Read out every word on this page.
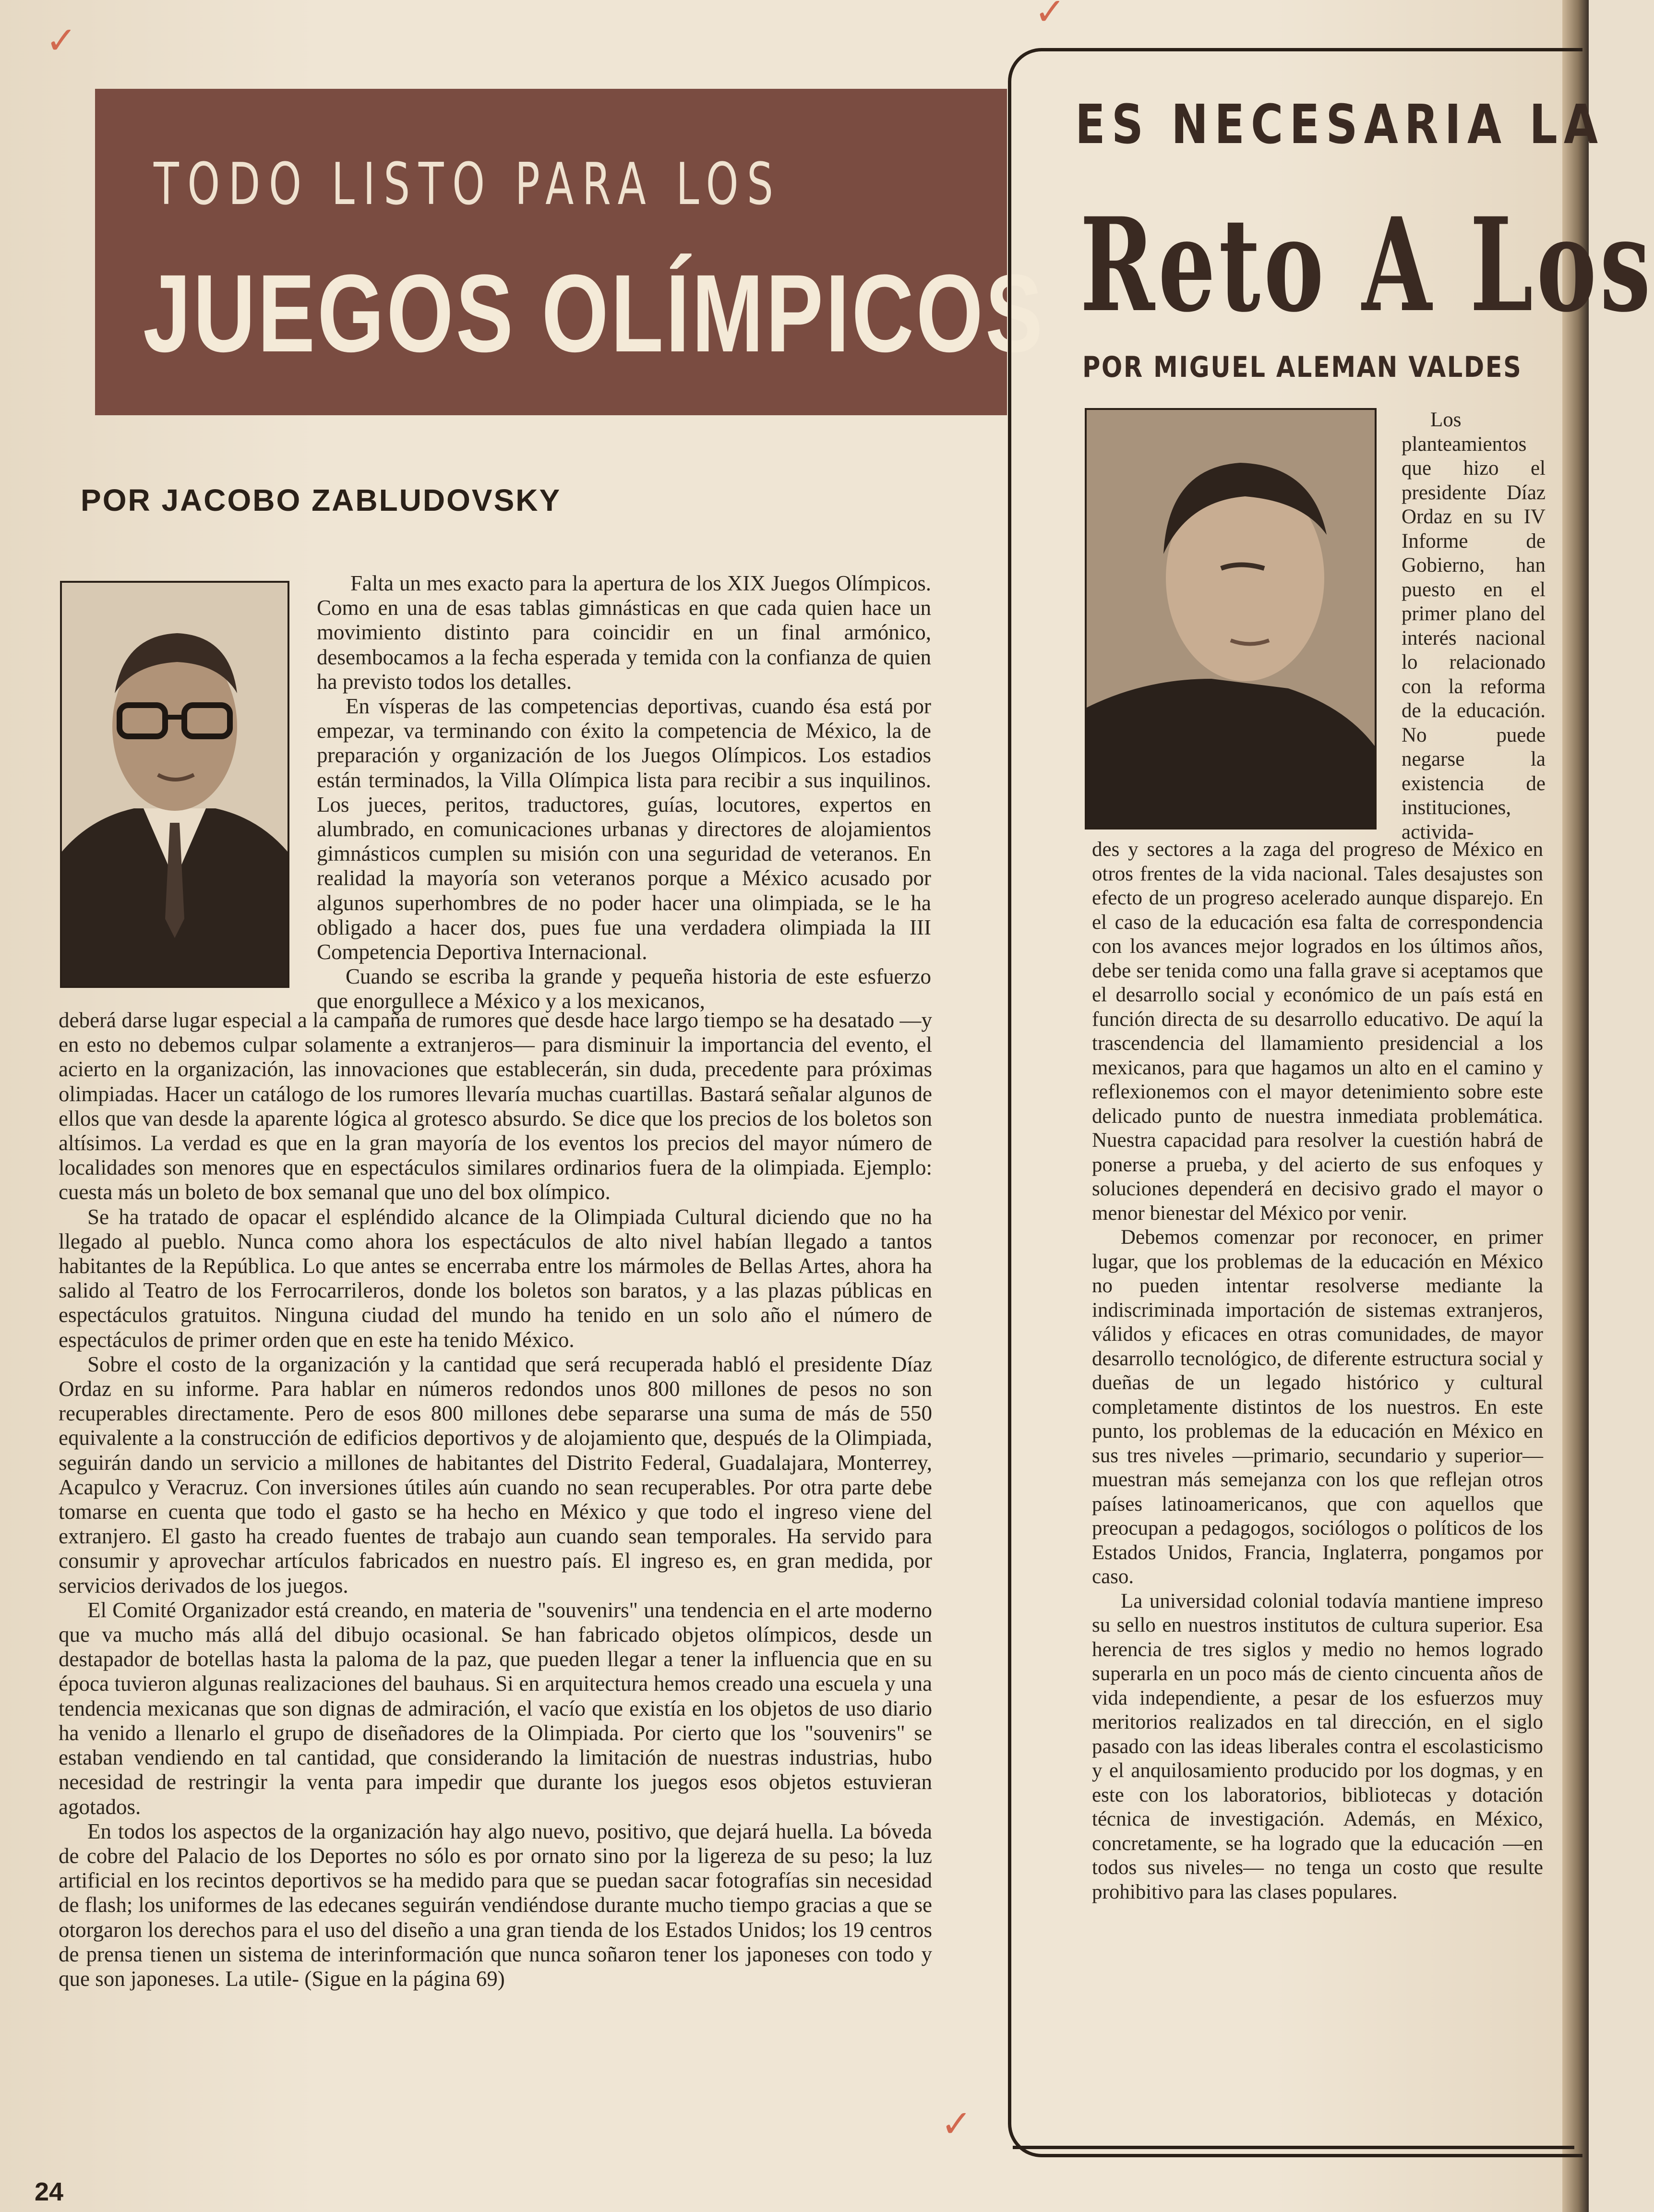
✓
✓
✓
TODO LISTO PARA LOS
JUEGOS OLÍMPICOS
POR JACOBO ZABLUDOVSKY

Falta un mes exacto para la apertura de los XIX Juegos Olímpicos. Como en una de esas tablas gimnásticas en que cada quien hace un movimiento distinto para coincidir en un final armónico, desembocamos a la fecha esperada y temida con la confianza de quien ha previsto todos los detalles.

En vísperas de las competencias deportivas, cuando ésa está por empezar, va terminando con éxito la competencia de México, la de preparación y organización de los Juegos Olímpicos. Los estadios están terminados, la Villa Olímpica lista para recibir a sus inquilinos. Los jueces, peritos, traductores, guías, locutores, expertos en alumbrado, en comunicaciones urbanas y directores de alojamientos gimnásticos cumplen su misión con una seguridad de veteranos. En realidad la mayoría son veteranos porque a México acusado por algunos superhombres de no poder hacer una olimpiada, se le ha obligado a hacer dos, pues fue una verdadera olimpiada la III Competencia Deportiva Internacional.

Cuando se escriba la grande y pequeña historia de este esfuerzo que enorgullece a México y a los mexicanos,

deberá darse lugar especial a la campaña de rumores que desde hace largo tiempo se ha desatado —y en esto no debemos culpar solamente a extranjeros— para disminuir la importancia del evento, el acierto en la organización, las innovaciones que establecerán, sin duda, precedente para próximas olimpiadas. Hacer un catálogo de los rumores llevaría muchas cuartillas. Bastará señalar algunos de ellos que van desde la aparente lógica al grotesco absurdo. Se dice que los precios de los boletos son altísimos. La verdad es que en la gran mayoría de los eventos los precios del mayor número de localidades son menores que en espectáculos similares ordinarios fuera de la olimpiada. Ejemplo: cuesta más un boleto de box semanal que uno del box olímpico.

Se ha tratado de opacar el espléndido alcance de la Olimpiada Cultural diciendo que no ha llegado al pueblo. Nunca como ahora los espectáculos de alto nivel habían llegado a tantos habitantes de la República. Lo que antes se encerraba entre los mármoles de Bellas Artes, ahora ha salido al Teatro de los Ferrocarrileros, donde los boletos son baratos, y a las plazas públicas en espectáculos gratuitos. Ninguna ciudad del mundo ha tenido en un solo año el número de espectáculos de primer orden que en este ha tenido México.

Sobre el costo de la organización y la cantidad que será recuperada habló el presidente Díaz Ordaz en su informe. Para hablar en números redondos unos 800 millones de pesos no son recuperables directamente. Pero de esos 800 millones debe separarse una suma de más de 550 equivalente a la construcción de edificios deportivos y de alojamiento que, después de la Olimpiada, seguirán dando un servicio a millones de habitantes del Distrito Federal, Guadalajara, Monterrey, Acapulco y Veracruz. Con inversiones útiles aún cuando no sean recuperables. Por otra parte debe tomarse en cuenta que todo el gasto se ha hecho en México y que todo el ingreso viene del extranjero. El gasto ha creado fuentes de trabajo aun cuando sean temporales. Ha servido para consumir y aprovechar artículos fabricados en nuestro país. El ingreso es, en gran medida, por servicios derivados de los juegos.

El Comité Organizador está creando, en materia de "souvenirs" una tendencia en el arte moderno que va mucho más allá del dibujo ocasional. Se han fabricado objetos olímpicos, desde un destapador de botellas hasta la paloma de la paz, que pueden llegar a tener la influencia que en su época tuvieron algunas realizaciones del bauhaus. Si en arquitectura hemos creado una escuela y una tendencia mexicanas que son dignas de admiración, el vacío que existía en los objetos de uso diario ha venido a llenarlo el grupo de diseñadores de la Olimpiada. Por cierto que los "souvenirs" se estaban vendiendo en tal cantidad, que considerando la limitación de nuestras industrias, hubo necesidad de restringir la venta para impedir que durante los juegos esos objetos estuvieran agotados.

En todos los aspectos de la organización hay algo nuevo, positivo, que dejará huella. La bóveda de cobre del Palacio de los Deportes no sólo es por ornato sino por la ligereza de su peso; la luz artificial en los recintos deportivos se ha medido para que se puedan sacar fotografías sin necesidad de flash; los uniformes de las edecanes seguirán vendiéndose durante mucho tiempo gracias a que se otorgaron los derechos para el uso del diseño a una gran tienda de los Estados Unidos; los 19 centros de prensa tienen un sistema de interinformación que nunca soñaron tener los japoneses con todo y que son japoneses. La utile- (Sigue en la página 69)

ES NECESARIA LA
Reto A Los
POR MIGUEL ALEMAN VALDES

Los planteamientos que hizo el presidente Díaz Ordaz en su IV Informe de Gobierno, han puesto en el primer plano del interés nacional lo relacionado con la reforma de la educación. No puede negarse la existencia de instituciones, activida-

des y sectores a la zaga del progreso de México en otros frentes de la vida nacional. Tales desajustes son efecto de un progreso acelerado aunque disparejo. En el caso de la educación esa falta de correspondencia con los avances mejor logrados en los últimos años, debe ser tenida como una falla grave si aceptamos que el desarrollo social y económico de un país está en función directa de su desarrollo educativo. De aquí la trascendencia del llamamiento presidencial a los mexicanos, para que hagamos un alto en el camino y reflexionemos con el mayor detenimiento sobre este delicado punto de nuestra inmediata problemática. Nuestra capacidad para resolver la cuestión habrá de ponerse a prueba, y del acierto de sus enfoques y soluciones dependerá en decisivo grado el mayor o menor bienestar del México por venir.

Debemos comenzar por reconocer, en primer lugar, que los problemas de la educación en México no pueden intentar resolverse mediante la indiscriminada importación de sistemas extranjeros, válidos y eficaces en otras comunidades, de mayor desarrollo tecnológico, de diferente estructura social y dueñas de un legado histórico y cultural completamente distintos de los nuestros. En este punto, los problemas de la educación en México en sus tres niveles —primario, secundario y superior— muestran más semejanza con los que reflejan otros países latinoamericanos, que con aquellos que preocupan a pedagogos, sociólogos o políticos de los Estados Unidos, Francia, Inglaterra, pongamos por caso.

La universidad colonial todavía mantiene impreso su sello en nuestros institutos de cultura superior. Esa herencia de tres siglos y medio no hemos logrado superarla en un poco más de ciento cincuenta años de vida independiente, a pesar de los esfuerzos muy meritorios realizados en tal dirección, en el siglo pasado con las ideas liberales contra el escolasticismo y el anquilosamiento producido por los dogmas, y en este con los laboratorios, bibliotecas y dotación técnica de investigación. Además, en México, concretamente, se ha logrado que la educación —en todos sus niveles— no tenga un costo que resulte prohibitivo para las clases populares.

24
